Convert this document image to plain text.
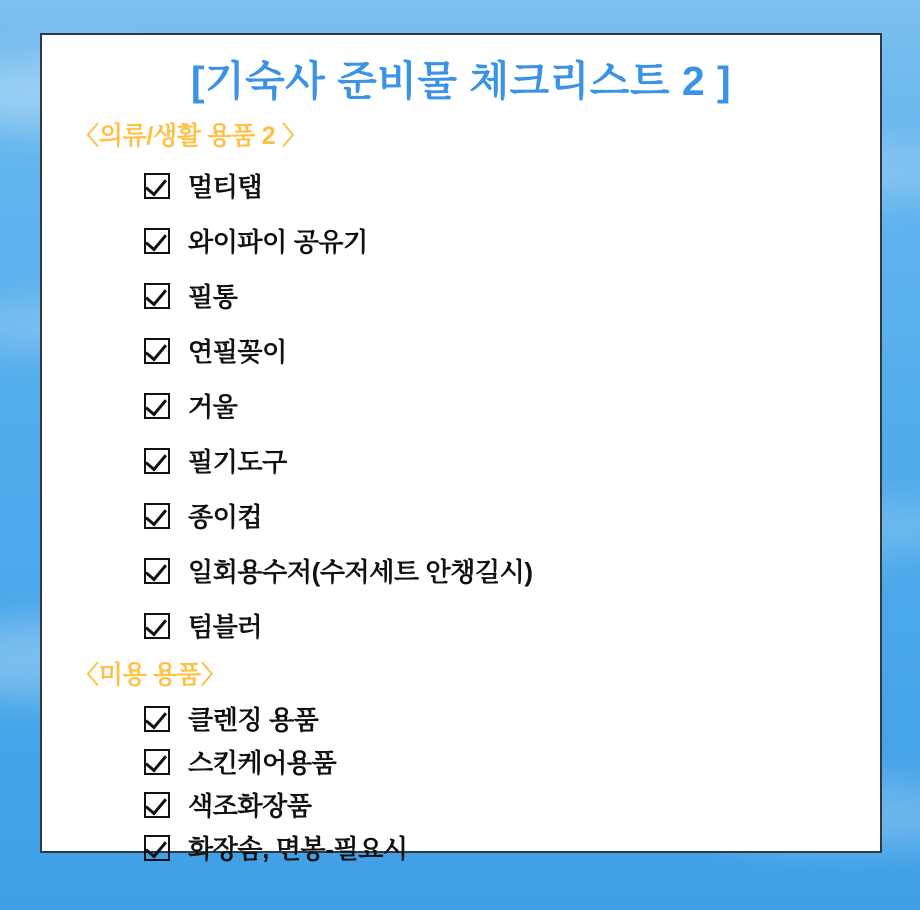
[기숙사 준비물 체크리스트 2 ]
〈의류/생활 용품 2 〉
멀티탭
와이파이 공유기
필통
연필꽂이
거울
필기도구
종이컵
일회용수저(수저세트 안챙길시)
텀블러
〈미용 용품〉
클렌징 용품
스킨케어용품
색조화장품
화장솜, 면봉-필요시
